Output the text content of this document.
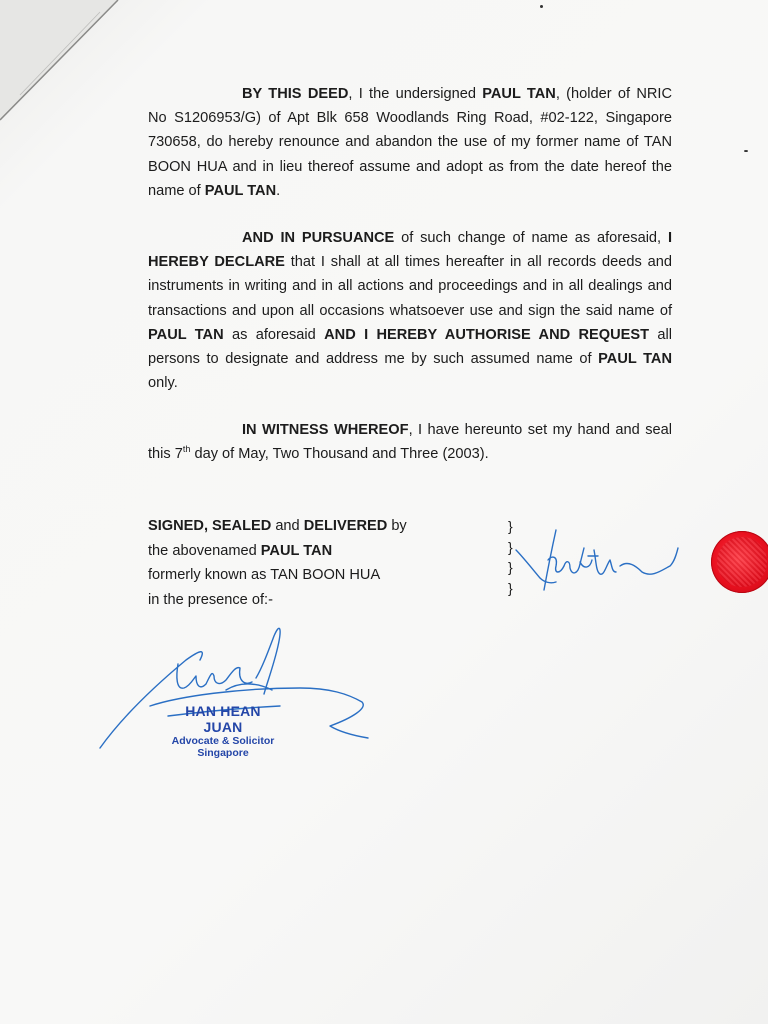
BY THIS DEED, I the undersigned PAUL TAN, (holder of NRIC No S1206953/G) of Apt Blk 658 Woodlands Ring Road, #02-122, Singapore 730658, do hereby renounce and abandon the use of my former name of TAN BOON HUA and in lieu thereof assume and adopt as from the date hereof the name of PAUL TAN.

AND IN PURSUANCE of such change of name as aforesaid, I HEREBY DECLARE that I shall at all times hereafter in all records deeds and instruments in writing and in all actions and proceedings and in all dealings and transactions and upon all occasions whatsoever use and sign the said name of PAUL TAN as aforesaid AND I HEREBY AUTHORISE AND REQUEST all persons to designate and address me by such assumed name of PAUL TAN only.

IN WITNESS WHEREOF, I have hereunto set my hand and seal this 7th day of May, Two Thousand and Three (2003).

SIGNED, SEALED and DELIVERED by
the abovenamed PAUL TAN
formerly known as TAN BOON HUA
in the presence of:-
}
}
}
}
HAN HEAN JUAN
Advocate & Solicitor
Singapore
